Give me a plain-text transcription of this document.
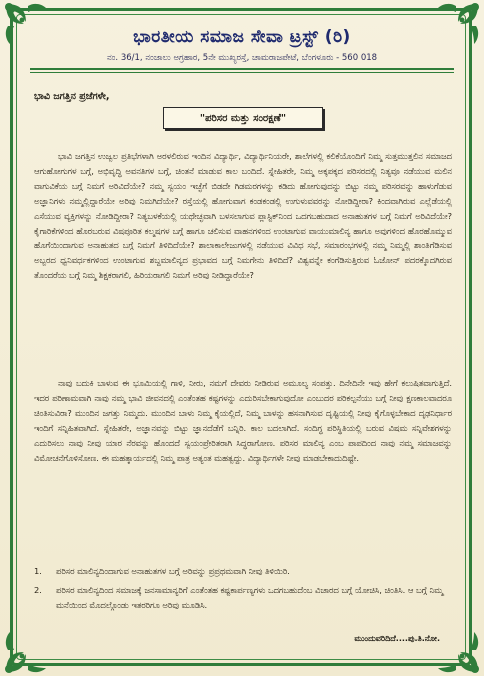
ಭಾರತೀಯ ಸಮಾಜ ಸೇವಾ ಟ್ರಸ್ಟ್ (ರಿ)
ನಂ. 36/1, ನಂಜಾಲು ಅಗ್ರಹಾರ, 5ನೇ ಮುಖ್ಯರಸ್ತೆ, ಚಾಮರಾಜಪೇಟೆ, ಬೆಂಗಳೂರು - 560 018
ಭಾವಿ ಜಗತ್ತಿನ ಪ್ರಜೆಗಳೇ,
"ಪರಿಸರ ಮತ್ತು ಸಂರಕ್ಷಣೆ"
ಭಾವಿ ಜಗತ್ತಿನ ಉಜ್ವಲ ಪ್ರತಿಭೆಗಳಾಗಿ ಅರಳಲಿರುವ ಇಂದಿನ ವಿದ್ಯಾರ್ಥಿ, ವಿದ್ಯಾರ್ಥಿನಿಯರೇ, ಶಾಲೆಗಳಲ್ಲಿ ಕಲಿಕೆಯೊಂದಿಗೆ ನಿಮ್ಮ ಸುತ್ತಮುತ್ತಲಿನ ಸಮಾಜದ ಆಗುಹೋಗುಗಳ ಬಗ್ಗೆ, ಅಭಿವೃದ್ಧಿ ಅವನತಿಗಳ ಬಗ್ಗೆ, ಚಿಂತನೆ ಮಾಡುವ ಕಾಲ ಬಂದಿದೆ. ಸ್ನೇಹಿತರೇ, ನಿಮ್ಮ ಅಕ್ಕಪಕ್ಕದ ಪರಿಸರದಲ್ಲಿ ನಿತ್ಯವೂ ನಡೆಯುವ ಮಲಿನ ವಾಗುವಿಕೆಯ ಬಗ್ಗೆ ನಿಮಗೆ ಅರಿವಿದೆಯೇ? ನಮ್ಮ ಸ್ವಯಂ ಇಚ್ಛೆಗೆ ಬಿಡದೇ ಗಿಡಮರಗಳನ್ನು ಕಡಿದು ಹೋಗುವುದನ್ನು ಬಿಟ್ಟು ನಮ್ಮ ಪರಿಸರವನ್ನು ಹಾಳುಗೆಡುವ ಅಜ್ಞಾನಿಗಳು ನಮ್ಮಲ್ಲಿದ್ದಾರೆಯೇ ಅರಿವು ನಿಮಗಿದೆಯೇ? ರಸ್ತೆಯಲ್ಲಿ ಹೋಗುವಾಗ ಕಂಡಕಂಡಲ್ಲಿ ಉಗುಳುವವರನ್ನು ನೋಡಿದ್ದೀರಾ? ಕಿಂದವಾಗಿರುವ ಎಲ್ಲೆಡೆಯಲ್ಲಿ ಎಸೆಯುವ ವ್ಯಕ್ತಿಗಳನ್ನು ನೋಡಿದ್ದೀರಾ? ನಿತ್ಯಬಳಕೆಯಲ್ಲಿ ಯಥೇಚ್ಛವಾಗಿ ಬಳಸಲಾಗುವ ಪ್ಲಾಸ್ಟಿಕ್‌ನಿಂದ ಒದಗಬಹುದಾದ ಅನಾಹುತಗಳ ಬಗ್ಗೆ ನಿಮಗೆ ಅರಿವಿದೆಯೇ? ಕೈಗಾರಿಕೆಗಳಿಂದ ಹೊರಬರುವ ವಿಷಪೂರಿತ ಕಲ್ಮಷಗಳ ಬಗ್ಗೆ ಹಾಗೂ ಚಲಿಸುವ ವಾಹನಗಳಿಂದ ಉಂಟಾಗುವ ವಾಯುಮಾಲಿನ್ಯ ಹಾಗೂ ಅವುಗಳಿಂದ ಹೊರಹೊಮ್ಮುವ ಹೊಗೆಯಿಂದಾಗುವ ಅನಾಹುತದ ಬಗ್ಗೆ ನಿಮಗೆ ತಿಳಿದಿದೆಯೇ? ಶಾಲಾಕಾಲೇಜುಗಳಲ್ಲಿ ನಡೆಯುವ ವಿವಿಧ ಸಭೆ, ಸಮಾರಂಭಗಳಲ್ಲಿ ನಮ್ಮ ನಿಮ್ಮಲ್ಲಿ ಶಾಂತಿಗೆಡಿಸುವ ಅಬ್ಬರದ ಧ್ವನಿವರ್ಧಕಗಳಿಂದ ಉಂಟಾಗುವ ಶಬ್ದಮಾಲಿನ್ಯದ ಪ್ರಭಾವದ ಬಗ್ಗೆ ನಿಮಗೇನು ತಿಳಿದಿದೆ? ವಿಶ್ವವನ್ನೇ ಕಂಗೆಡಿಸುತ್ತಿರುವ ಓಜೋನ್ ಪದರಕ್ಕೊದಗಿರುವ ತೊಂದರೆಯ ಬಗ್ಗೆ ನಿಮ್ಮ ಶಿಕ್ಷಕರಾಗಲಿ, ಹಿರಿಯರಾಗಲಿ ನಿಮಗೆ ಅರಿವು ನೀಡಿದ್ದಾರೆಯೇ?
ನಾವು ಬದುಕಿ ಬಾಳುವ ಈ ಭೂಮಿಯಲ್ಲಿ ಗಾಳಿ, ನೀರು, ನಮಗೆ ದೇವರು ನೀಡಿರುವ ಅಮೂಲ್ಯ ಸಂಪತ್ತು. ದಿನೇದಿನೇ ಇವು ಹೇಗೆ ಕಲುಷಿತವಾಗುತ್ತಿದೆ. ಇದರ ಪರಿಣಾಮವಾಗಿ ನಾವು ನಮ್ಮ ಭಾವಿ ಜೀವನದಲ್ಲಿ ಎಂತೆಂತಹ ಕಷ್ಟಗಳನ್ನು ಎದುರಿಸಬೇಕಾಗುವುದೋ ಎಂಬುದರ ಪರಿಕಲ್ಪನೆಯು ಬಗ್ಗೆ ನೀವು ಕ್ಷಣಕಾಲವಾದರೂ ಚಿಂತಿಸುವಿರಾ? ಮುಂದಿನ ಜಗತ್ತು ನಿಮ್ಮದು. ಮುಂದಿನ ಬಾಳು ನಿಮ್ಮ ಕೈಯಲ್ಲಿದೆ, ನಿಮ್ಮ ಬಾಳನ್ನು ಹಸನಾಗಿಸುವ ದೃಷ್ಟಿಯಲ್ಲಿ ನೀವು ಕೈಗೊಳ್ಳಬೇಕಾದ ದೃಢನಿರ್ಧಾರ ಇಂದಿಗೆ ಸನ್ನಿಹಿತವಾಗಿದೆ. ಸ್ನೇಹಿತರೇ, ಅಜ್ಞಾನವನ್ನು ಬಿಟ್ಟು ಜ್ಞಾನದೆಡೆಗೆ ಬನ್ನಿರಿ. ಕಾಲ ಬದಲಾಗಿದೆ. ಸಂದಿಗ್ಧ ಪರಿಸ್ಥಿತಿಯಲ್ಲಿ ಬರುವ ವಿಷಮ ಸನ್ನಿವೇಶಗಳನ್ನು ಎದುರಿಸಲು ನಾವು ನೀವು ಯಾರ ನೆರವನ್ನು ಹೊಂದದೆ ಸ್ವಯಂಪ್ರೇರಿತರಾಗಿ ಸಿದ್ಧರಾಗೋಣ. ಪರಿಸರ ಮಾಲಿನ್ಯ ಎಂಬ ಪಾಪದಿಂದ ನಾವು ನಮ್ಮ ಸಮಾಜವನ್ನು ವಿಮೋಚನೆಗೊಳಿಸೋಣ. ಈ ಮಹತ್ಕಾರ್ಯದಲ್ಲಿ ನಿಮ್ಮ ಪಾತ್ರ ಅತ್ಯಂತ ಮಹತ್ವದ್ದು. ವಿದ್ಯಾರ್ಥಿಗಳೇ ನೀವು ಮಾಡಬೇಕಾದುದಿಷ್ಟೇ.
1.	ಪರಿಸರ ಮಾಲಿನ್ಯದಿಂದಾಗುವ ಅನಾಹುತಗಳ ಬಗ್ಗೆ ಅರಿವನ್ನು ಪ್ರಪ್ರಥಮವಾಗಿ ನೀವು ತಿಳಿಯಿರಿ.
2.	ಪರಿಸರ ಮಾಲಿನ್ಯದಿಂದ ಸಮಾಜಕ್ಕೆ ಜನಸಾಮಾನ್ಯರಿಗೆ ಎಂತೆಂತಹ ಕಷ್ಟಕಾರ್ಪಣ್ಯಗಳು ಒದಗಬಹುದೆಂಬ ವಿಚಾರದ ಬಗ್ಗೆ ಯೋಚಿಸಿ, ಚಿಂತಿಸಿ. ಆ ಬಗ್ಗೆ ನಿಮ್ಮ ಮನೆಯಿಂದ ಮೊದಲ್ಗೊಂಡು ಇತರರಿಗೂ ಅರಿವು ಮೂಡಿಸಿ.
ಮುಂದುವರಿದಿದೆ....ಪು.ತಿ.ನೋ.
